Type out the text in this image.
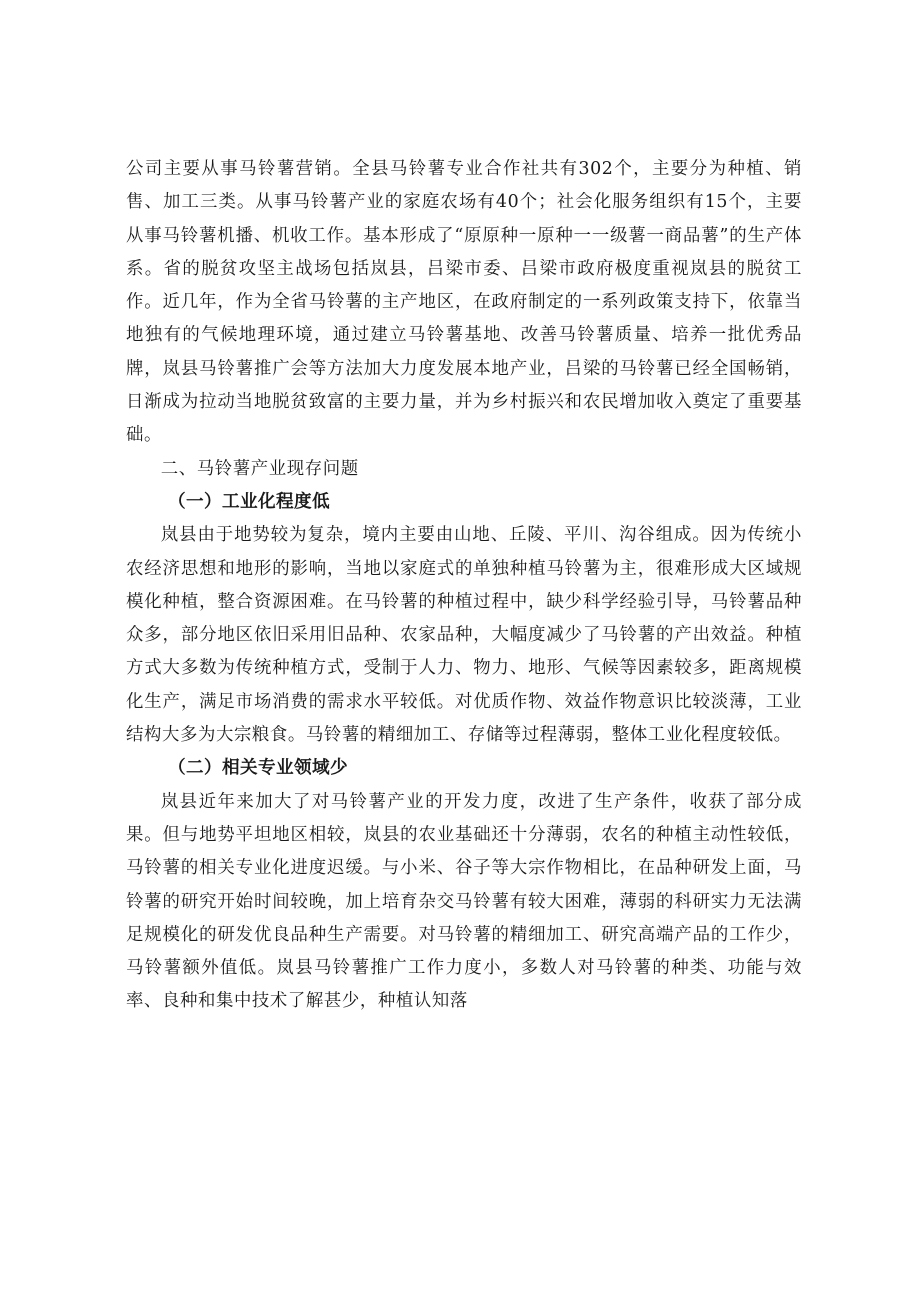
公司主要从事马铃薯营销。全县马铃薯专业合作社共有302个，主要分为种植、销售、加工三类。从事马铃薯产业的家庭农场有40个；社会化服务组织有15个，主要从事马铃薯机播、机收工作。基本形成了“原原种一原种一一级薯一商品薯”的生产体系。省的脱贫攻坚主战场包括岚县，吕梁市委、吕梁市政府极度重视岚县的脱贫工作。近几年，作为全省马铃薯的主产地区，在政府制定的一系列政策支持下，依靠当地独有的气候地理环境，通过建立马铃薯基地、改善马铃薯质量、培养一批优秀品牌，岚县马铃薯推广会等方法加大力度发展本地产业，吕梁的马铃薯已经全国畅销，日渐成为拉动当地脱贫致富的主要力量，并为乡村振兴和农民增加收入奠定了重要基础。

二、马铃薯产业现存问题

（一）工业化程度低

岚县由于地势较为复杂，境内主要由山地、丘陵、平川、沟谷组成。因为传统小农经济思想和地形的影响，当地以家庭式的单独种植马铃薯为主，很难形成大区域规模化种植，整合资源困难。在马铃薯的种植过程中，缺少科学经验引导，马铃薯品种众多，部分地区依旧采用旧品种、农家品种，大幅度减少了马铃薯的产出效益。种植方式大多数为传统种植方式，受制于人力、物力、地形、气候等因素较多，距离规模化生产，满足市场消费的需求水平较低。对优质作物、效益作物意识比较淡薄，工业结构大多为大宗粮食。马铃薯的精细加工、存储等过程薄弱，整体工业化程度较低。

（二）相关专业领域少

岚县近年来加大了对马铃薯产业的开发力度，改进了生产条件，收获了部分成果。但与地势平坦地区相较，岚县的农业基础还十分薄弱，农名的种植主动性较低，马铃薯的相关专业化进度迟缓。与小米、谷子等大宗作物相比，在品种研发上面，马铃薯的研究开始时间较晚，加上培育杂交马铃薯有较大困难，薄弱的科研实力无法满足规模化的研发优良品种生产需要。对马铃薯的精细加工、研究高端产品的工作少，马铃薯额外值低。岚县马铃薯推广工作力度小，多数人对马铃薯的种类、功能与效率、良种和集中技术了解甚少，种植认知落
